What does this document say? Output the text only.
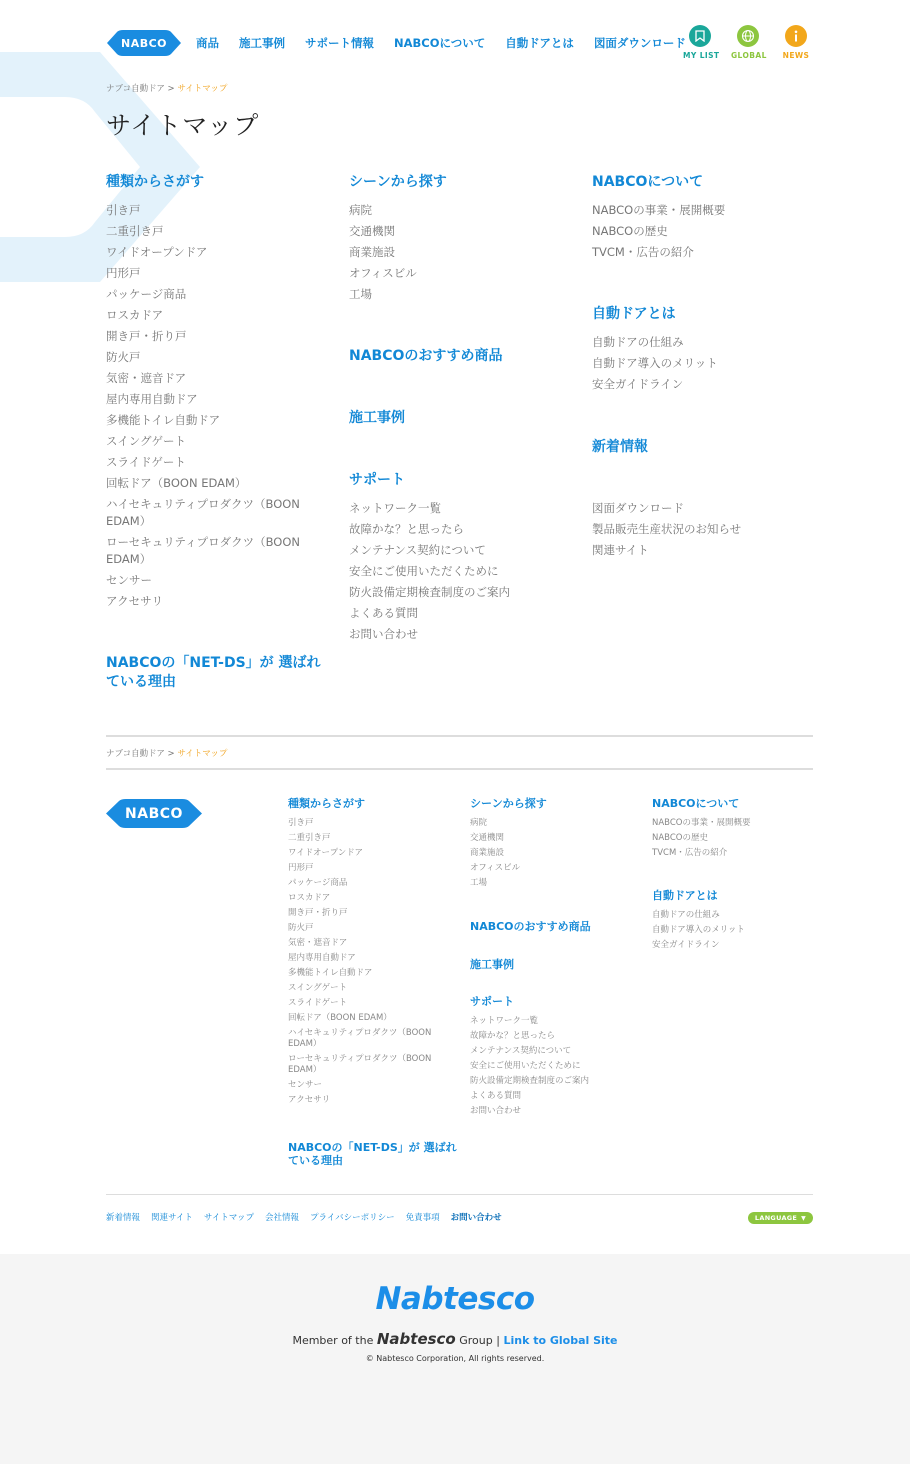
NABCO	商品 施工事例 サポート情報 NABCOについて 自動ドアとは 図面ダウンロード
MY LIST GLOBAL	NEWS
ナブコ自動ドア > サイトマップ
サイトマップ
種類からさがす
引き戸
二重引き戸
ワイドオープンドア
円形戸
パッケージ商品
ロスカドア
開き戸・折り戸
防火戸
気密・遮音ドア
屋内専用自動ドア
多機能トイレ自動ドア
スイングゲート
スライドゲート
回転ドア（BOON EDAM）
ハイセキュリティプロダクツ（BOON EDAM）
ローセキュリティプロダクツ（BOON EDAM）
センサー
アクセサリ
NABCOの「NET-DS」が 選ばれている理由
シーンから探す
病院
交通機関
商業施設
オフィスビル
工場
NABCOのおすすめ商品
施工事例
サポート
ネットワーク一覧
故障かな？と思ったら
メンテナンス契約について
安全にご使用いただくために
防火設備定期検査制度のご案内
よくある質問
お問い合わせ
NABCOについて
NABCOの事業・展開概要
NABCOの歴史
TVCM・広告の紹介
自動ドアとは
自動ドアの仕組み
自動ドア導入のメリット
安全ガイドライン
新着情報
図面ダウンロード
製品販売生産状況のお知らせ
関連サイト
ナブコ自動ドア > サイトマップ
NABCO
種類からさがす
引き戸
二重引き戸
ワイドオープンドア
円形戸
パッケージ商品
ロスカドア
開き戸・折り戸
防火戸
気密・遮音ドア
屋内専用自動ドア
多機能トイレ自動ドア
スイングゲート
スライドゲート
回転ドア（BOON EDAM）
ハイセキュリティプロダクツ（BOON EDAM）
ローセキュリティプロダクツ（BOON EDAM）
センサー
アクセサリ
NABCOの「NET-DS」が 選ばれている理由
シーンから探す
病院
交通機関
商業施設
オフィスビル
工場
NABCOのおすすめ商品
施工事例
サポート
ネットワーク一覧
故障かな？と思ったら
メンテナンス契約について
安全にご使用いただくために
防火設備定期検査制度のご案内
よくある質問
お問い合わせ
NABCOについて
NABCOの事業・展開概要
NABCOの歴史
TVCM・広告の紹介
自動ドアとは
自動ドアの仕組み
自動ドア導入のメリット
安全ガイドライン
新着情報 関連サイト サイトマップ 会社情報 プライバシーポリシー 免責事項 お問い合わせ	LANGUAGE ▼
Nabtesco
Member of the Nabtesco Group | Link to Global Site
© Nabtesco Corporation, All rights reserved.
